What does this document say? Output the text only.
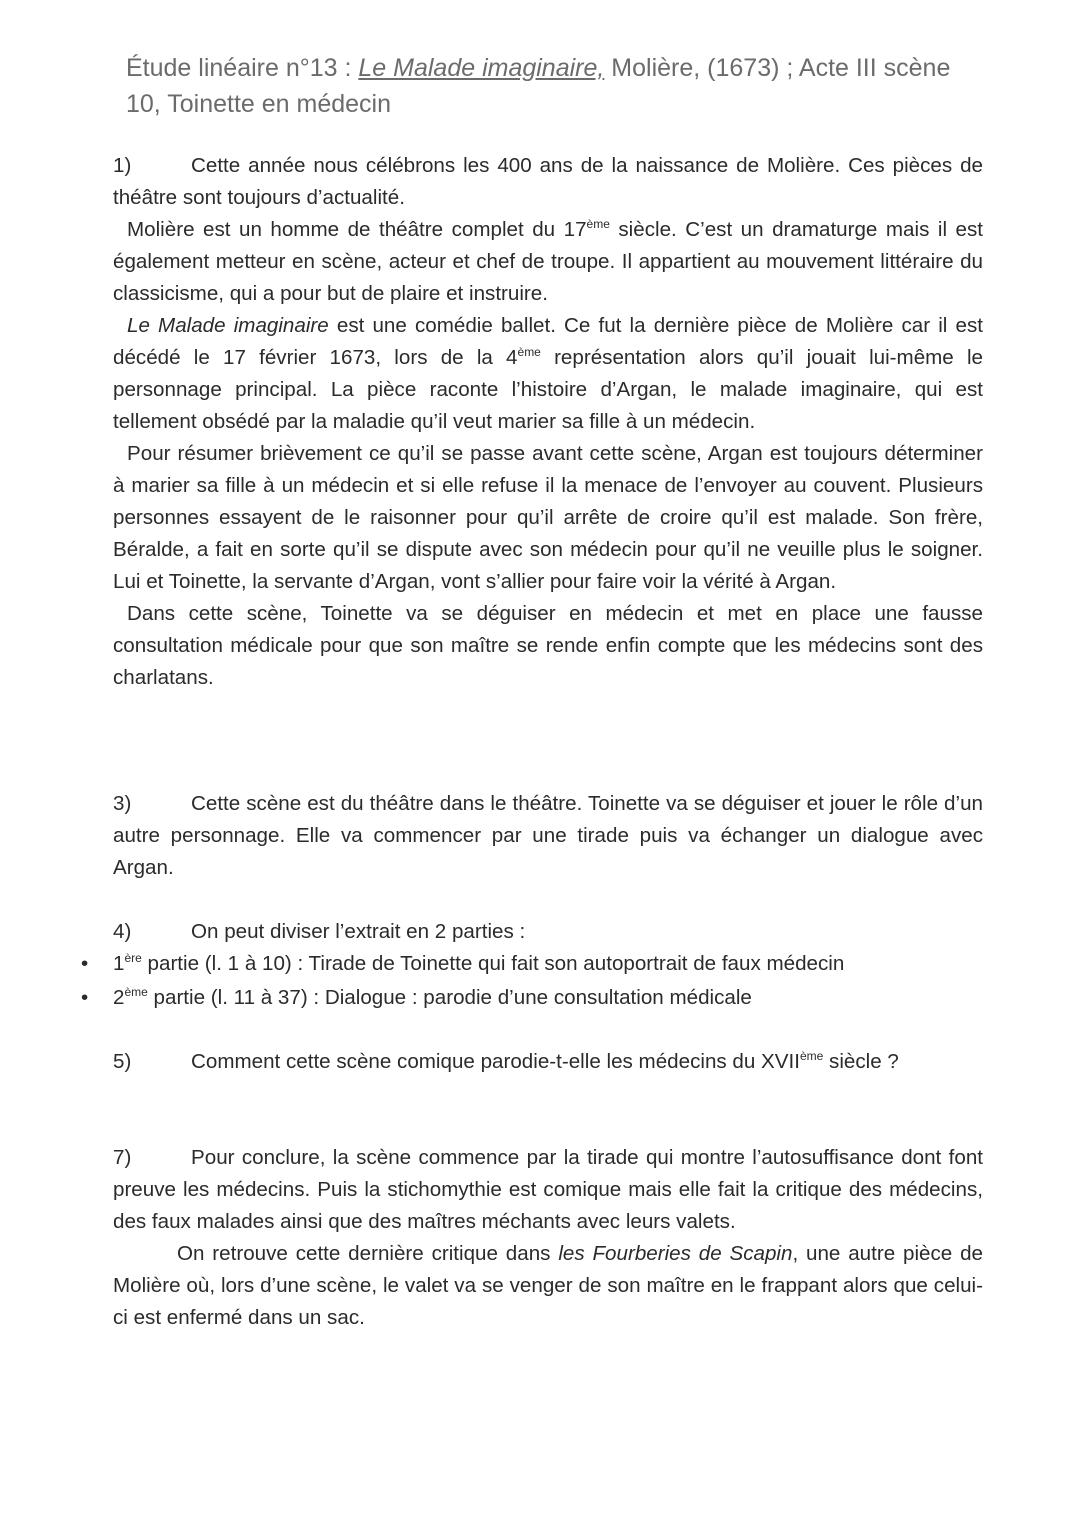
Étude linéaire n°13 : Le Malade imaginaire, Molière, (1673) ; Acte III scène 10, Toinette en médecin

1)	Cette année nous célébrons les 400 ans de la naissance de Molière. Ces pièces de théâtre sont toujours d’actualité.

Molière est un homme de théâtre complet du 17ème siècle. C’est un dramaturge mais il est également metteur en scène, acteur et chef de troupe. Il appartient au mouvement littéraire du classicisme, qui a pour but de plaire et instruire.

Le Malade imaginaire est une comédie ballet. Ce fut la dernière pièce de Molière car il est décédé le 17 février 1673, lors de la 4ème représentation alors qu’il jouait lui-même le personnage principal. La pièce raconte l’histoire d’Argan, le malade imaginaire, qui est tellement obsédé par la maladie qu’il veut marier sa fille à un médecin.

Pour résumer brièvement ce qu’il se passe avant cette scène, Argan est toujours déterminer à marier sa fille à un médecin et si elle refuse il la menace de l’envoyer au couvent. Plusieurs personnes essayent de le raisonner pour qu’il arrête de croire qu’il est malade. Son frère, Béralde, a fait en sorte qu’il se dispute avec son médecin pour qu’il ne veuille plus le soigner. Lui et Toinette, la servante d’Argan, vont s’allier pour faire voir la vérité à Argan.

Dans cette scène, Toinette va se déguiser en médecin et met en place une fausse consultation médicale pour que son maître se rende enfin compte que les médecins sont des charlatans.

3)	Cette scène est du théâtre dans le théâtre. Toinette va se déguiser et jouer le rôle d’un autre personnage. Elle va commencer par une tirade puis va échanger un dialogue avec Argan.

4)	On peut diviser l’extrait en 2 parties :

• 1ère partie (l. 1 à 10) : Tirade de Toinette qui fait son autoportrait de faux médecin
• 2ème partie (l. 11 à 37) : Dialogue : parodie d’une consultation médicale

5)	Comment cette scène comique parodie-t-elle les médecins du XVIIème siècle ?

7)	Pour conclure, la scène commence par la tirade qui montre l’autosuffisance dont font preuve les médecins. Puis la stichomythie est comique mais elle fait la critique des médecins, des faux malades ainsi que des maîtres méchants avec leurs valets.

On retrouve cette dernière critique dans les Fourberies de Scapin, une autre pièce de Molière où, lors d’une scène, le valet va se venger de son maître en le frappant alors que celui-ci est enfermé dans un sac.
